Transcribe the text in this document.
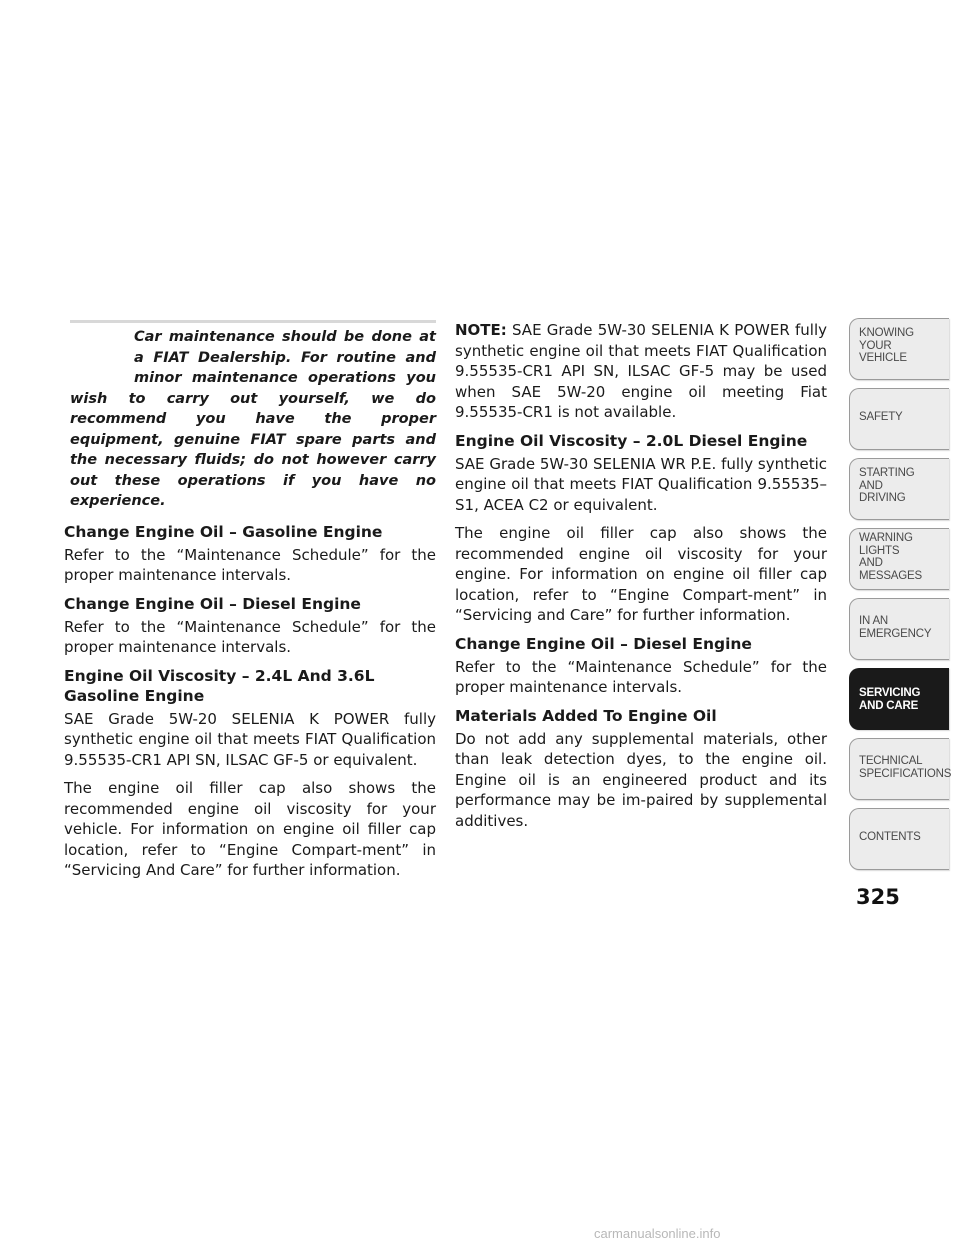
Car maintenance should be done at a FIAT Dealership. For routine and minor maintenance operations you wish to carry out yourself, we do recommend you have the proper equipment, genuine FIAT spare parts and the necessary fluids; do not however carry out these operations if you have no experience.
Change Engine Oil – Gasoline Engine

Refer to the “Maintenance Schedule” for the proper maintenance intervals.

Change Engine Oil – Diesel Engine

Refer to the “Maintenance Schedule” for the proper maintenance intervals.

Engine Oil Viscosity – 2.4L And 3.6L Gasoline Engine

SAE Grade 5W-20 SELENIA K POWER fully synthetic engine oil that meets FIAT Qualification 9.55535-CR1 API SN, ILSAC GF-5 or equivalent.

The engine oil filler cap also shows the recommended engine oil viscosity for your vehicle. For information on engine oil filler cap location, refer to “Engine Compart-ment” in “Servicing And Care” for further information.

NOTE: SAE Grade 5W-30 SELENIA K POWER fully synthetic engine oil that meets FIAT Qualification 9.55535-CR1 API SN, ILSAC GF-5 may be used when SAE 5W-20 engine oil meeting Fiat 9.55535-CR1 is not available.

Engine Oil Viscosity – 2.0L Diesel Engine

SAE Grade 5W-30 SELENIA WR P.E. fully synthetic engine oil that meets FIAT Qualification 9.55535–S1, ACEA C2 or equivalent.

The engine oil filler cap also shows the recommended engine oil viscosity for your engine. For information on engine oil filler cap location, refer to “Engine Compart-ment” in “Servicing and Care” for further information.

Change Engine Oil – Diesel Engine

Refer to the “Maintenance Schedule” for the proper maintenance intervals.

Materials Added To Engine Oil

Do not add any supplemental materials, other than leak detection dyes, to the engine oil. Engine oil is an engineered product and its performance may be im-paired by supplemental additives.

KNOWING
YOUR
VEHICLE
SAFETY
STARTING
AND
DRIVING
WARNING
LIGHTS
AND
MESSAGES
IN AN
EMERGENCY
SERVICING
AND CARE
TECHNICAL
SPECIFICATIONS
CONTENTS
325
carmanualsonline.info
